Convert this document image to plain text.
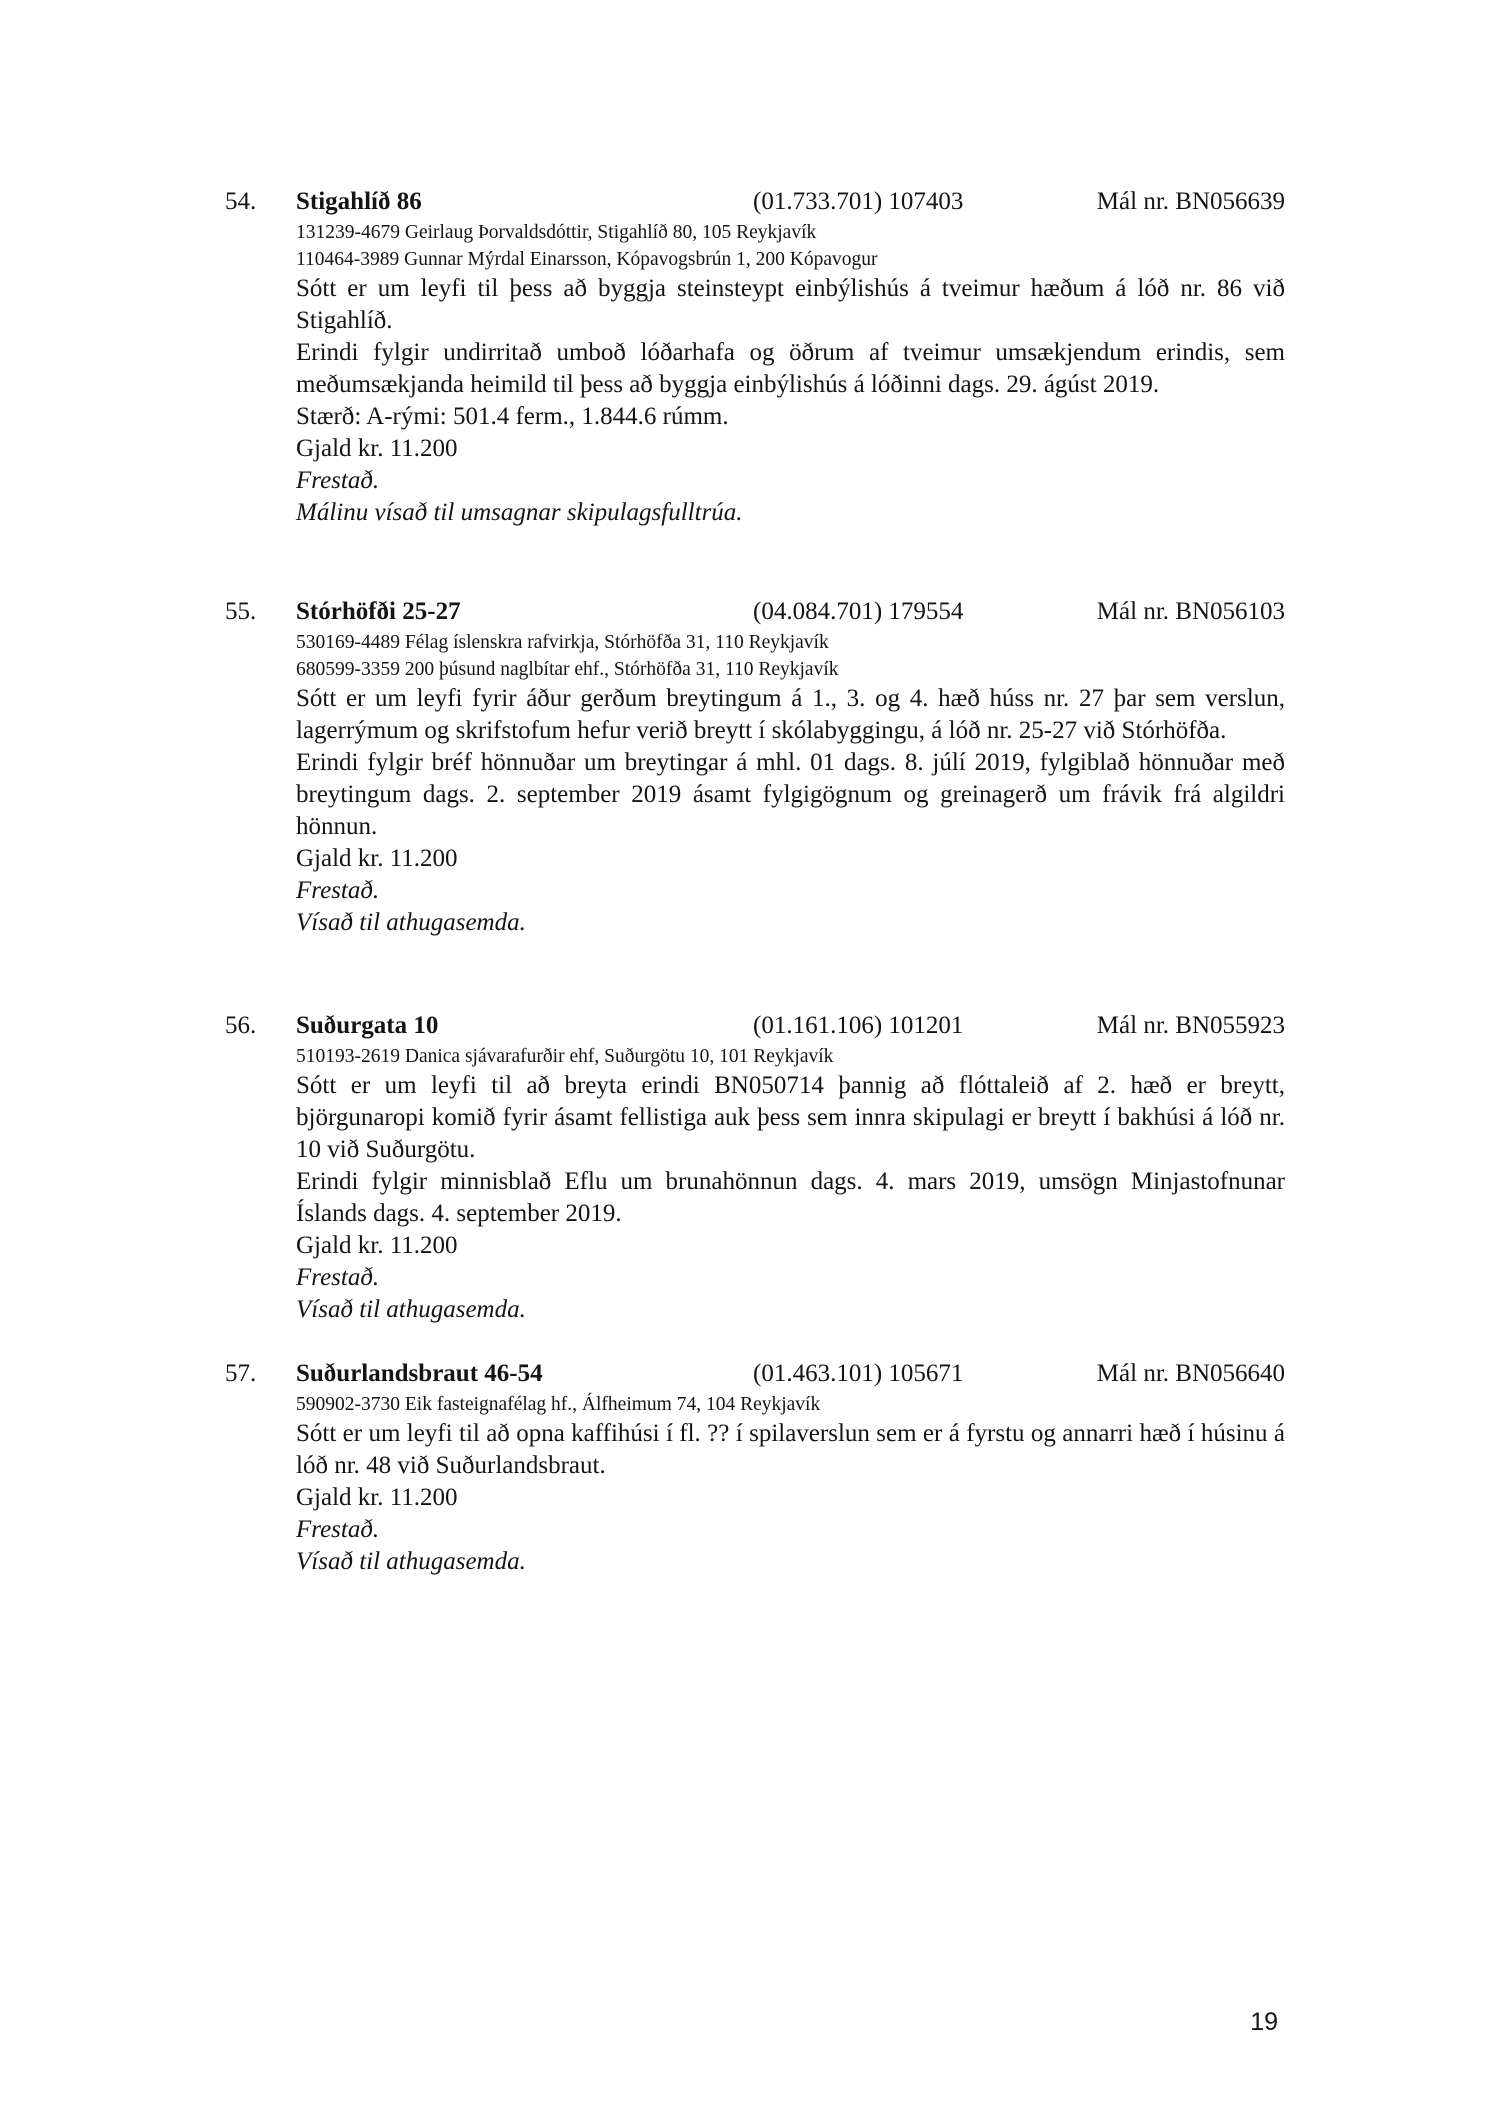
54. Stigahlíð 86	(01.733.701) 107403	Mál nr. BN056639
131239-4679 Geirlaug Þorvaldsdóttir, Stigahlíð 80, 105 Reykjavík
110464-3989 Gunnar Mýrdal Einarsson, Kópavogsbrún 1, 200 Kópavogur
Sótt er um leyfi til þess að byggja steinsteypt einbýlishús á tveimur hæðum á lóð nr. 86 við Stigahlíð.
Erindi fylgir undirritað umboð lóðarhafa og öðrum af tveimur umsækjendum erindis, sem meðumsækjanda heimild til þess að byggja einbýlishús á lóðinni dags. 29. ágúst 2019.
Stærð: A-rými: 501.4 ferm., 1.844.6 rúmm.
Gjald kr. 11.200
Frestað.
Málinu vísað til umsagnar skipulagsfulltrúa.
55. Stórhöfði 25-27	(04.084.701) 179554	Mál nr. BN056103
530169-4489 Félag íslenskra rafvirkja, Stórhöfða 31, 110 Reykjavík
680599-3359 200 þúsund naglbítar ehf., Stórhöfða 31, 110 Reykjavík
Sótt er um leyfi fyrir áður gerðum breytingum á 1., 3. og 4. hæð húss nr. 27 þar sem verslun, lagerrýmum og skrifstofum hefur verið breytt í skólabyggingu, á lóð nr. 25-27 við Stórhöfða.
Erindi fylgir bréf hönnuðar um breytingar á mhl. 01 dags. 8. júlí 2019, fylgiblað hönnuðar með breytingum dags. 2. september 2019 ásamt fylgigögnum og greinagerð um frávik frá algildri hönnun.
Gjald kr. 11.200
Frestað.
Vísað til athugasemda.
56. Suðurgata 10	(01.161.106) 101201	Mál nr. BN055923
510193-2619 Danica sjávarafurðir ehf, Suðurgötu 10, 101 Reykjavík
Sótt er um leyfi til að breyta erindi BN050714 þannig að flóttaleið af 2. hæð er breytt, björgunaropi komið fyrir ásamt fellistiga auk þess sem innra skipulagi er breytt í bakhúsi á lóð nr. 10 við Suðurgötu.
Erindi fylgir minnisblað Eflu um brunahönnun dags. 4. mars 2019, umsögn Minjastofnunar Íslands dags. 4. september 2019.
Gjald kr. 11.200
Frestað.
Vísað til athugasemda.
57. Suðurlandsbraut 46-54	(01.463.101) 105671	Mál nr. BN056640
590902-3730 Eik fasteignafélag hf., Álfheimum 74, 104 Reykjavík
Sótt er um leyfi til að opna kaffihúsi í fl. ?? í spilaverslun sem er á fyrstu og annarri hæð í húsinu á lóð nr. 48 við Suðurlandsbraut.
Gjald kr. 11.200
Frestað.
Vísað til athugasemda.
19
